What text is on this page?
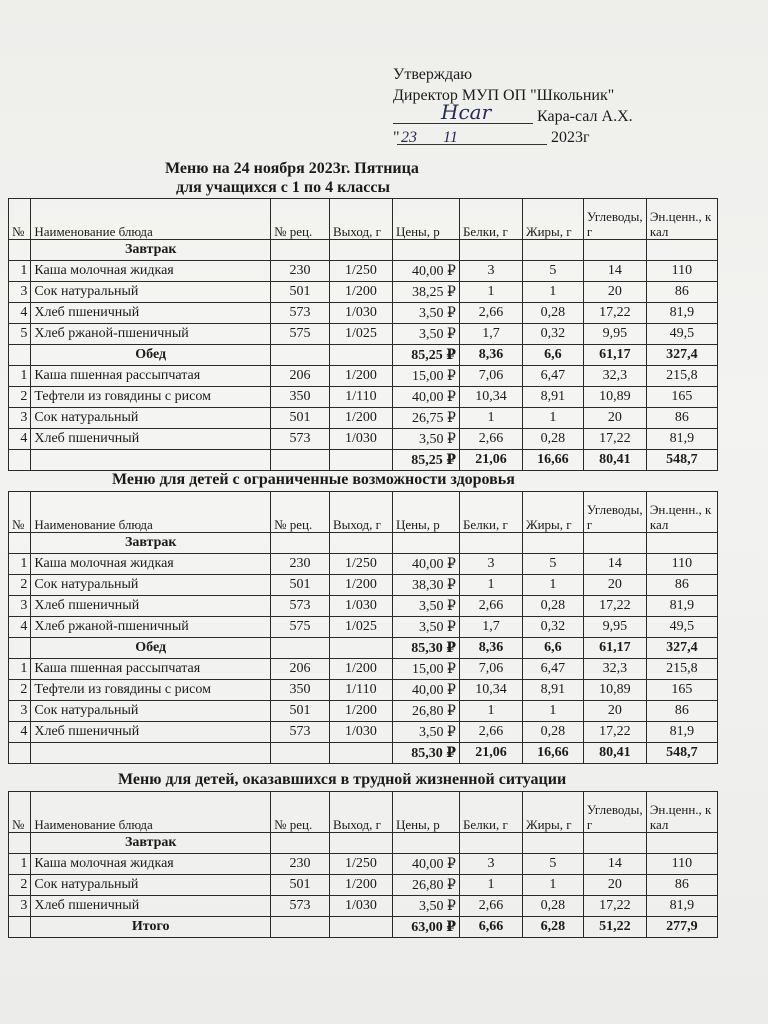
Утверждаю
Директор МУП ОП "Школьник"
Hcar	Кара-сал А.Х.
" 23 11	2023г
Меню на 24 ноября 2023г. Пятница
для учащихся с 1 по 4 классы
№	Наименование блюда	№ рец.	Выход, г	Цены, р	Белки, г	Жиры, г	Углеводы, г	Эн.ценн., ккал
	Завтрак							
1	Каша молочная жидкая	230	1/250	40,00 ₽	3	5	14	110
3	Сок натуральный	501	1/200	38,25 ₽	1	1	20	86
4	Хлеб пшеничный	573	1/030	3,50 ₽	2,66	0,28	17,22	81,9
5	Хлеб ржаной-пшеничный	575	1/025	3,50 ₽	1,7	0,32	9,95	49,5
	Обед			85,25 ₽	8,36	6,6	61,17	327,4
1	Каша пшенная рассыпчатая	206	1/200	15,00 ₽	7,06	6,47	32,3	215,8
2	Тефтели из говядины с рисом	350	1/110	40,00 ₽	10,34	8,91	10,89	165
3	Сок натуральный	501	1/200	26,75 ₽	1	1	20	86
4	Хлеб пшеничный	573	1/030	3,50 ₽	2,66	0,28	17,22	81,9
				85,25 ₽	21,06	16,66	80,41	548,7
Меню для детей с ограниченные возможности здоровья
№	Наименование блюда	№ рец.	Выход, г	Цены, р	Белки, г	Жиры, г	Углеводы, г	Эн.ценн., ккал
	Завтрак							
1	Каша молочная жидкая	230	1/250	40,00 ₽	3	5	14	110
2	Сок натуральный	501	1/200	38,30 ₽	1	1	20	86
3	Хлеб пшеничный	573	1/030	3,50 ₽	2,66	0,28	17,22	81,9
4	Хлеб ржаной-пшеничный	575	1/025	3,50 ₽	1,7	0,32	9,95	49,5
	Обед			85,30 ₽	8,36	6,6	61,17	327,4
1	Каша пшенная рассыпчатая	206	1/200	15,00 ₽	7,06	6,47	32,3	215,8
2	Тефтели из говядины с рисом	350	1/110	40,00 ₽	10,34	8,91	10,89	165
3	Сок натуральный	501	1/200	26,80 ₽	1	1	20	86
4	Хлеб пшеничный	573	1/030	3,50 ₽	2,66	0,28	17,22	81,9
				85,30 ₽	21,06	16,66	80,41	548,7
Меню для детей, оказавшихся в трудной жизненной ситуации
№	Наименование блюда	№ рец.	Выход, г	Цены, р	Белки, г	Жиры, г	Углеводы, г	Эн.ценн., ккал
	Завтрак							
1	Каша молочная жидкая	230	1/250	40,00 ₽	3	5	14	110
2	Сок натуральный	501	1/200	26,80 ₽	1	1	20	86
3	Хлеб пшеничный	573	1/030	3,50 ₽	2,66	0,28	17,22	81,9
	Итого			63,00 ₽	6,66	6,28	51,22	277,9
